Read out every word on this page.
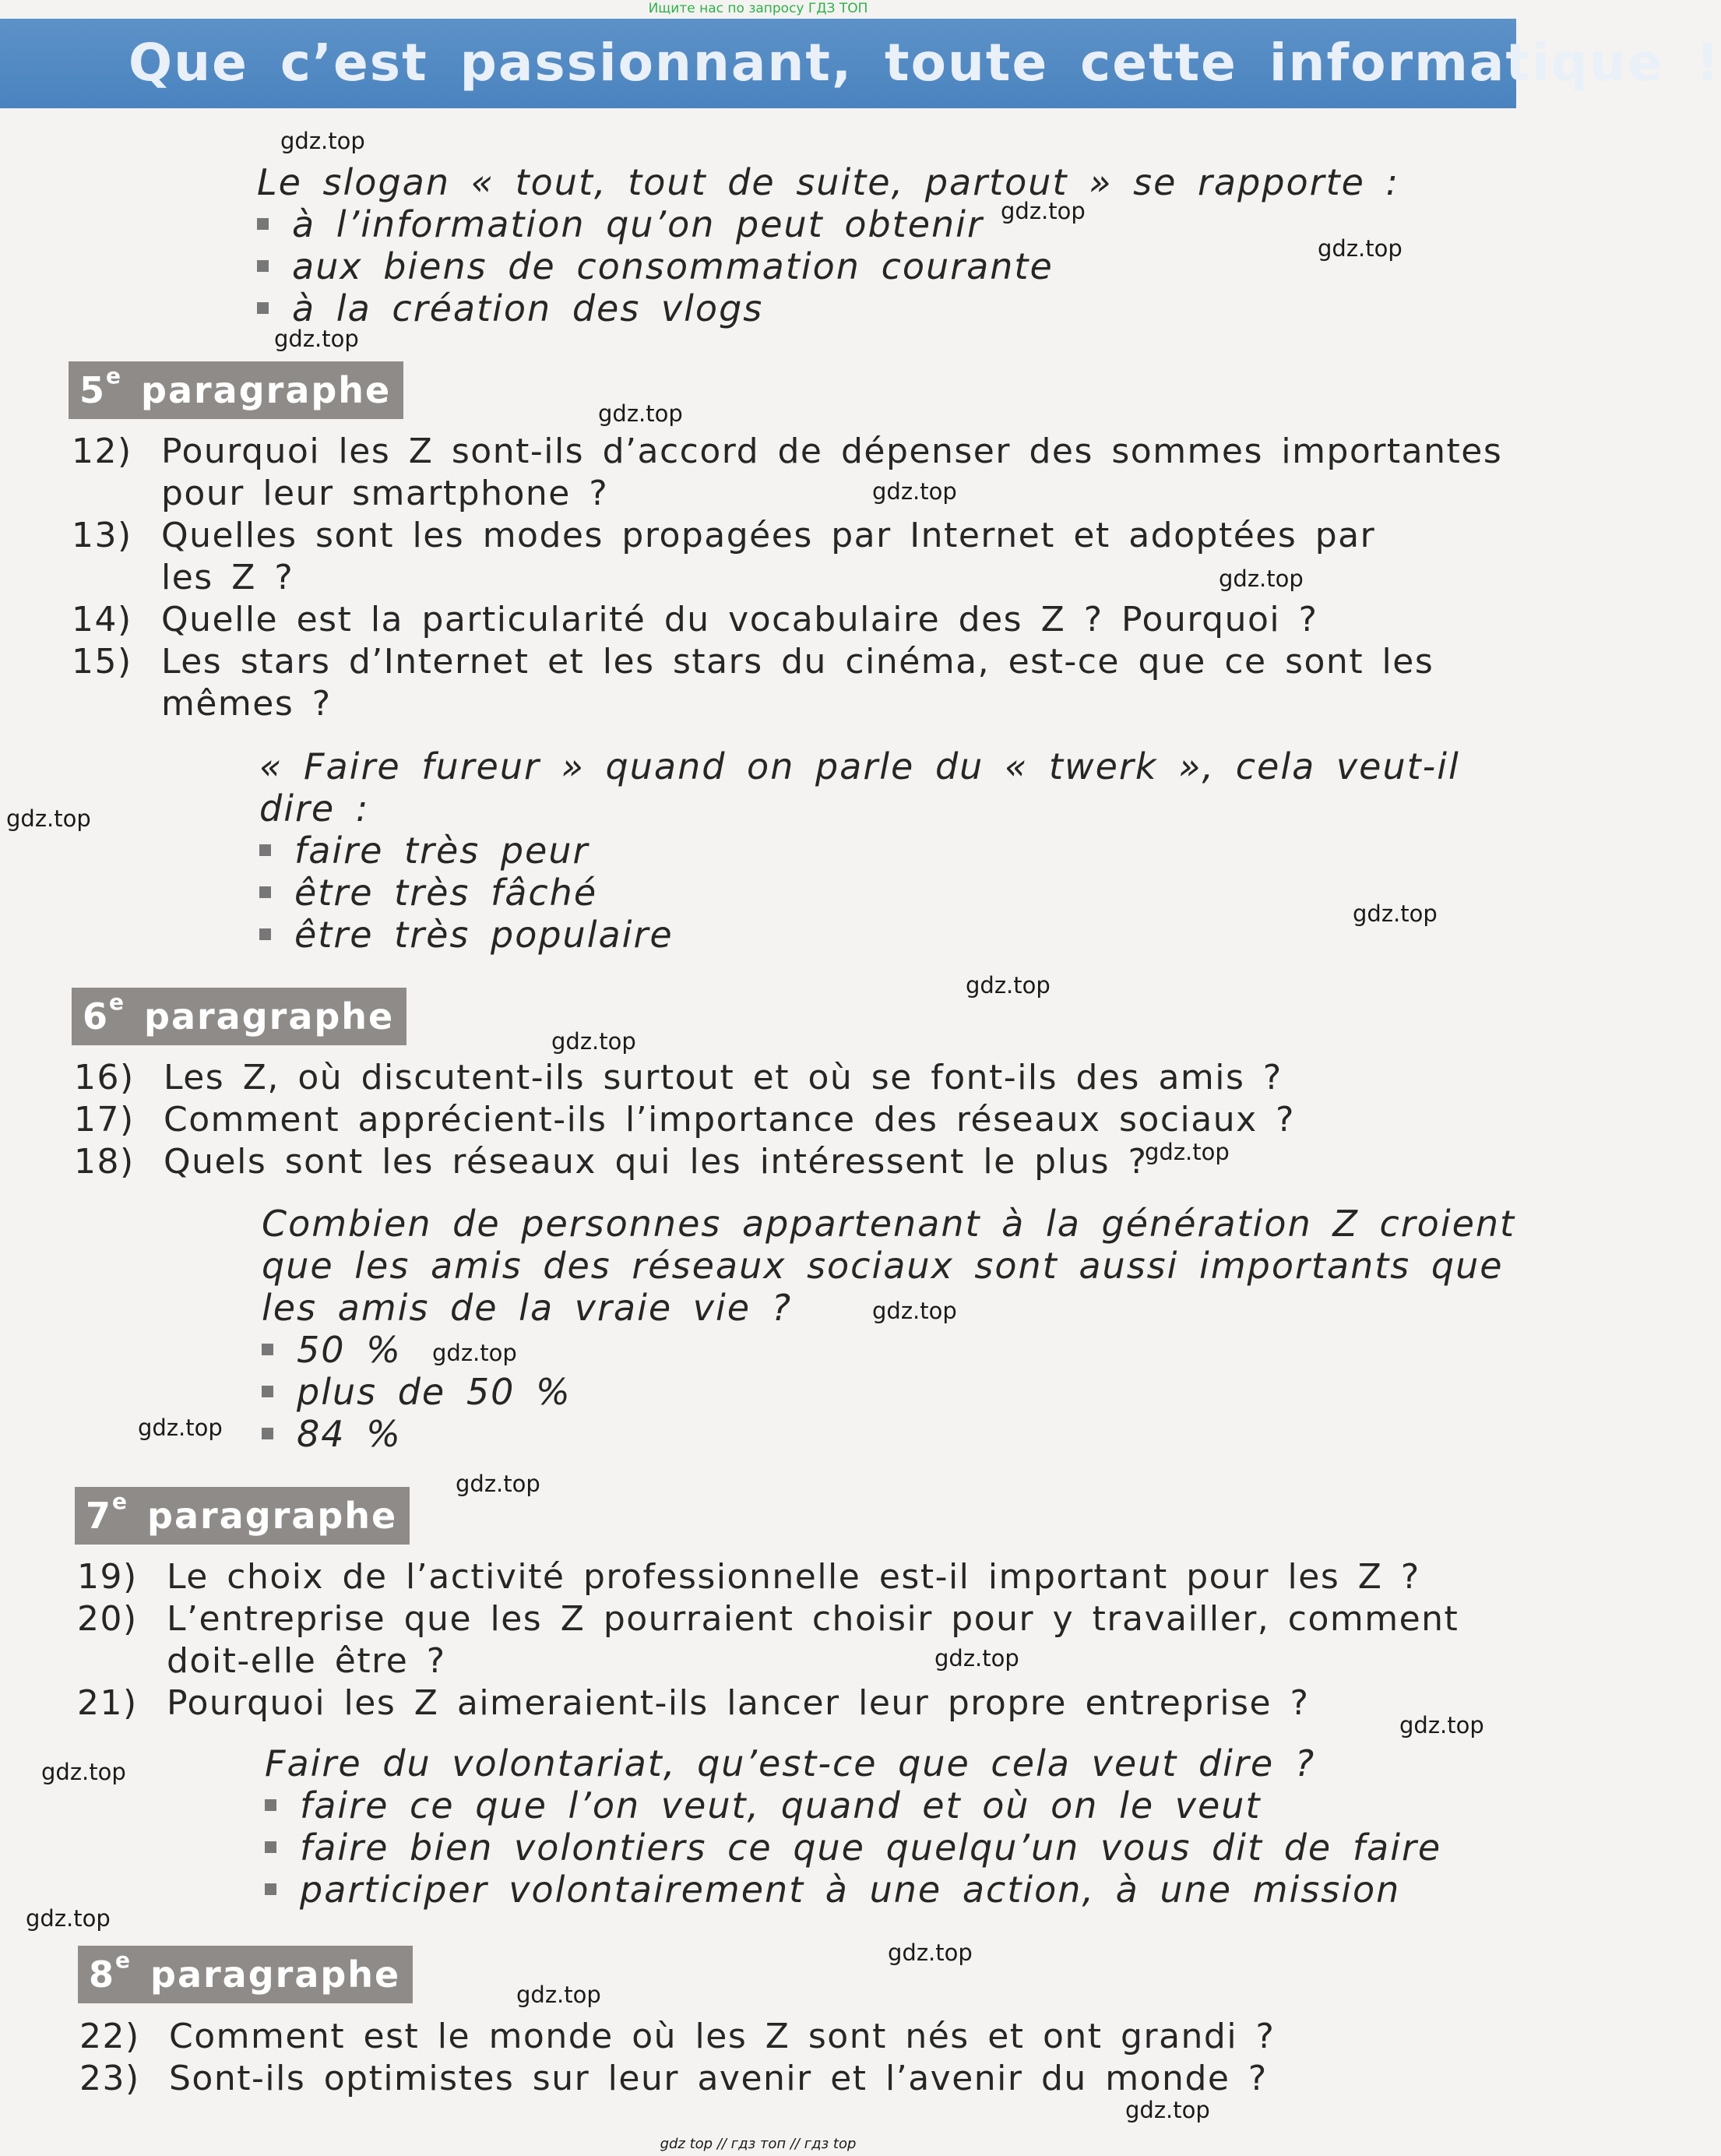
Ищите нас по запросу ГДЗ ТОП
Que c’est passionnant, toute cette informatique !
Le slogan « tout, tout de suite, partout » se rapporte :
à l’information qu’on peut obtenir
aux biens de consommation courante
à la création des vlogs
5e paragraphe
12) Pourquoi les Z sont-ils d’accord de dépenser des sommes importantes
pour leur smartphone ?
13) Quelles sont les modes propagées par Internet et adoptées par
les Z ?
14) Quelle est la particularité du vocabulaire des Z ? Pourquoi ?
15) Les stars d’Internet et les stars du cinéma, est-ce que ce sont les
mêmes ?
« Faire fureur » quand on parle du « twerk », cela veut-il
dire :
faire très peur
être très fâché
être très populaire
6e paragraphe
16) Les Z, où discutent-ils surtout et où se font-ils des amis ?
17) Comment apprécient-ils l’importance des réseaux sociaux ?
18) Quels sont les réseaux qui les intéressent le plus ?
Combien de personnes appartenant à la génération Z croient
que les amis des réseaux sociaux sont aussi importants que
les amis de la vraie vie ?
50 %
plus de 50 %
84 %
7e paragraphe
19) Le choix de l’activité professionnelle est-il important pour les Z ?
20) L’entreprise que les Z pourraient choisir pour y travailler, comment
doit-elle être ?
21) Pourquoi les Z aimeraient-ils lancer leur propre entreprise ?
Faire du volontariat, qu’est-ce que cela veut dire ?
faire ce que l’on veut, quand et où on le veut
faire bien volontiers ce que quelqu’un vous dit de faire
participer volontairement à une action, à une mission
8e paragraphe
22) Comment est le monde où les Z sont nés et ont grandi ?
23) Sont-ils optimistes sur leur avenir et l’avenir du monde ?
gdz.top
gdz.top
gdz.top
gdz.top
gdz.top
gdz.top
gdz.top
gdz.top
gdz.top
gdz.top
gdz.top
gdz.top
gdz.top
gdz.top
gdz.top
gdz.top
gdz.top
gdz.top
gdz.top
gdz.top
gdz.top
gdz.top
gdz.top
gdz top // гдз топ // гдз top
